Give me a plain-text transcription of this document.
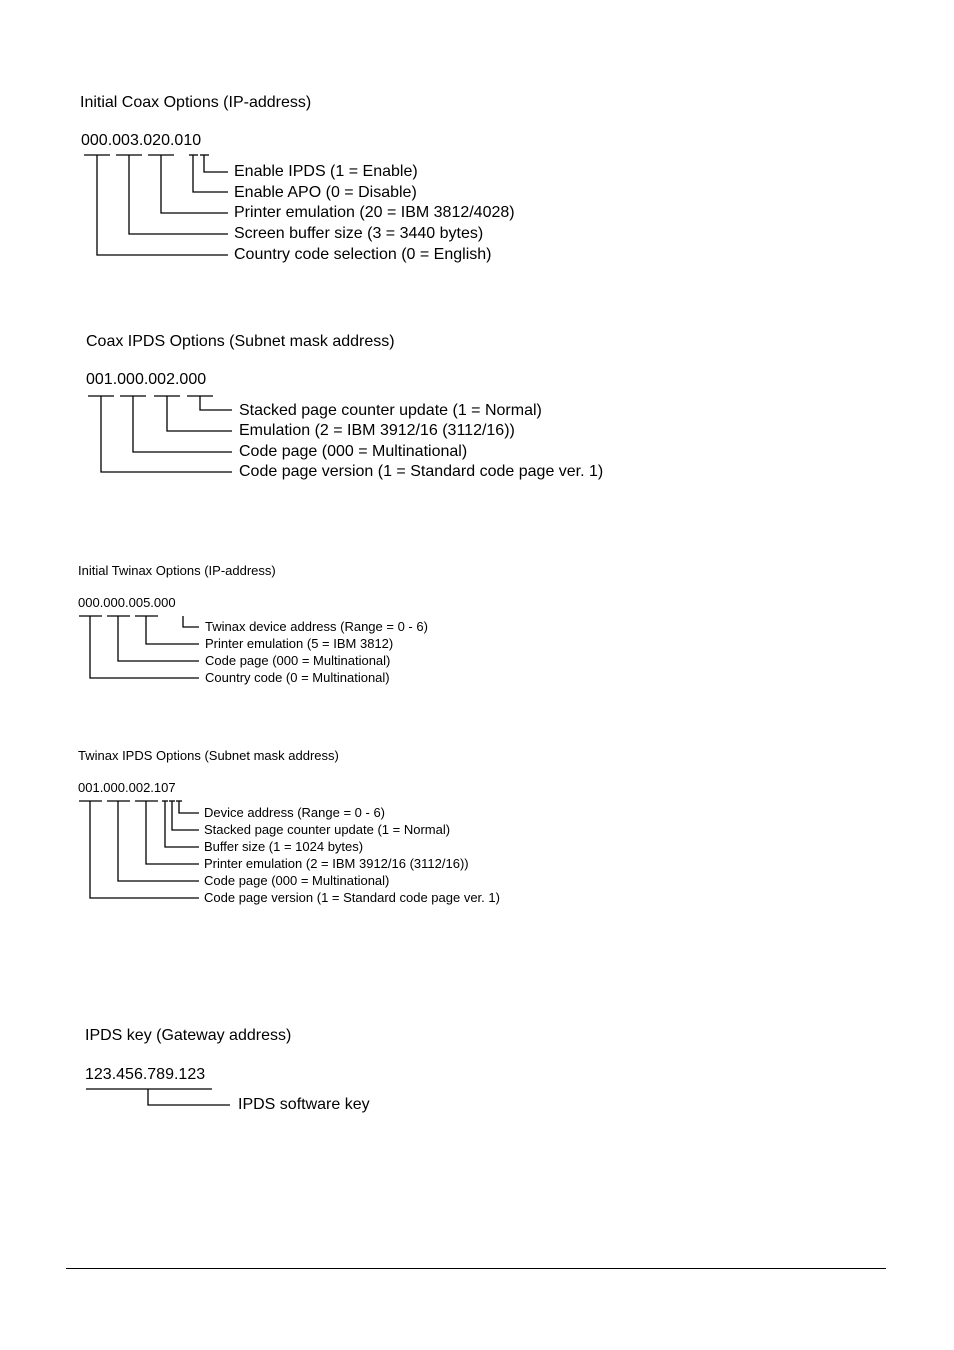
Initial Coax Options (IP-address)
000.003.020.010
Enable IPDS (1 = Enable)
Enable APO (0 = Disable)
Printer emulation (20 = IBM 3812/4028)
Screen buffer size (3 = 3440 bytes)
Country code selection (0 = English)
Coax IPDS Options (Subnet mask address)
001.000.002.000
Stacked page counter update (1 = Normal)
Emulation (2 = IBM 3912/16 (3112/16))
Code page (000 = Multinational)
Code page version (1 = Standard code page ver. 1)
Initial Twinax Options (IP-address)
000.000.005.000
Twinax device address (Range = 0 - 6)
Printer emulation (5 = IBM 3812)
Code page (000 = Multinational)
Country code (0 = Multinational)
Twinax IPDS Options (Subnet mask address)
001.000.002.107
Device address (Range = 0 - 6)
Stacked page counter update (1 = Normal)
Buffer size (1 = 1024 bytes)
Printer emulation (2 = IBM 3912/16 (3112/16))
Code page (000 = Multinational)
Code page version (1 = Standard code page ver. 1)
IPDS key (Gateway address)
123.456.789.123
IPDS software key
